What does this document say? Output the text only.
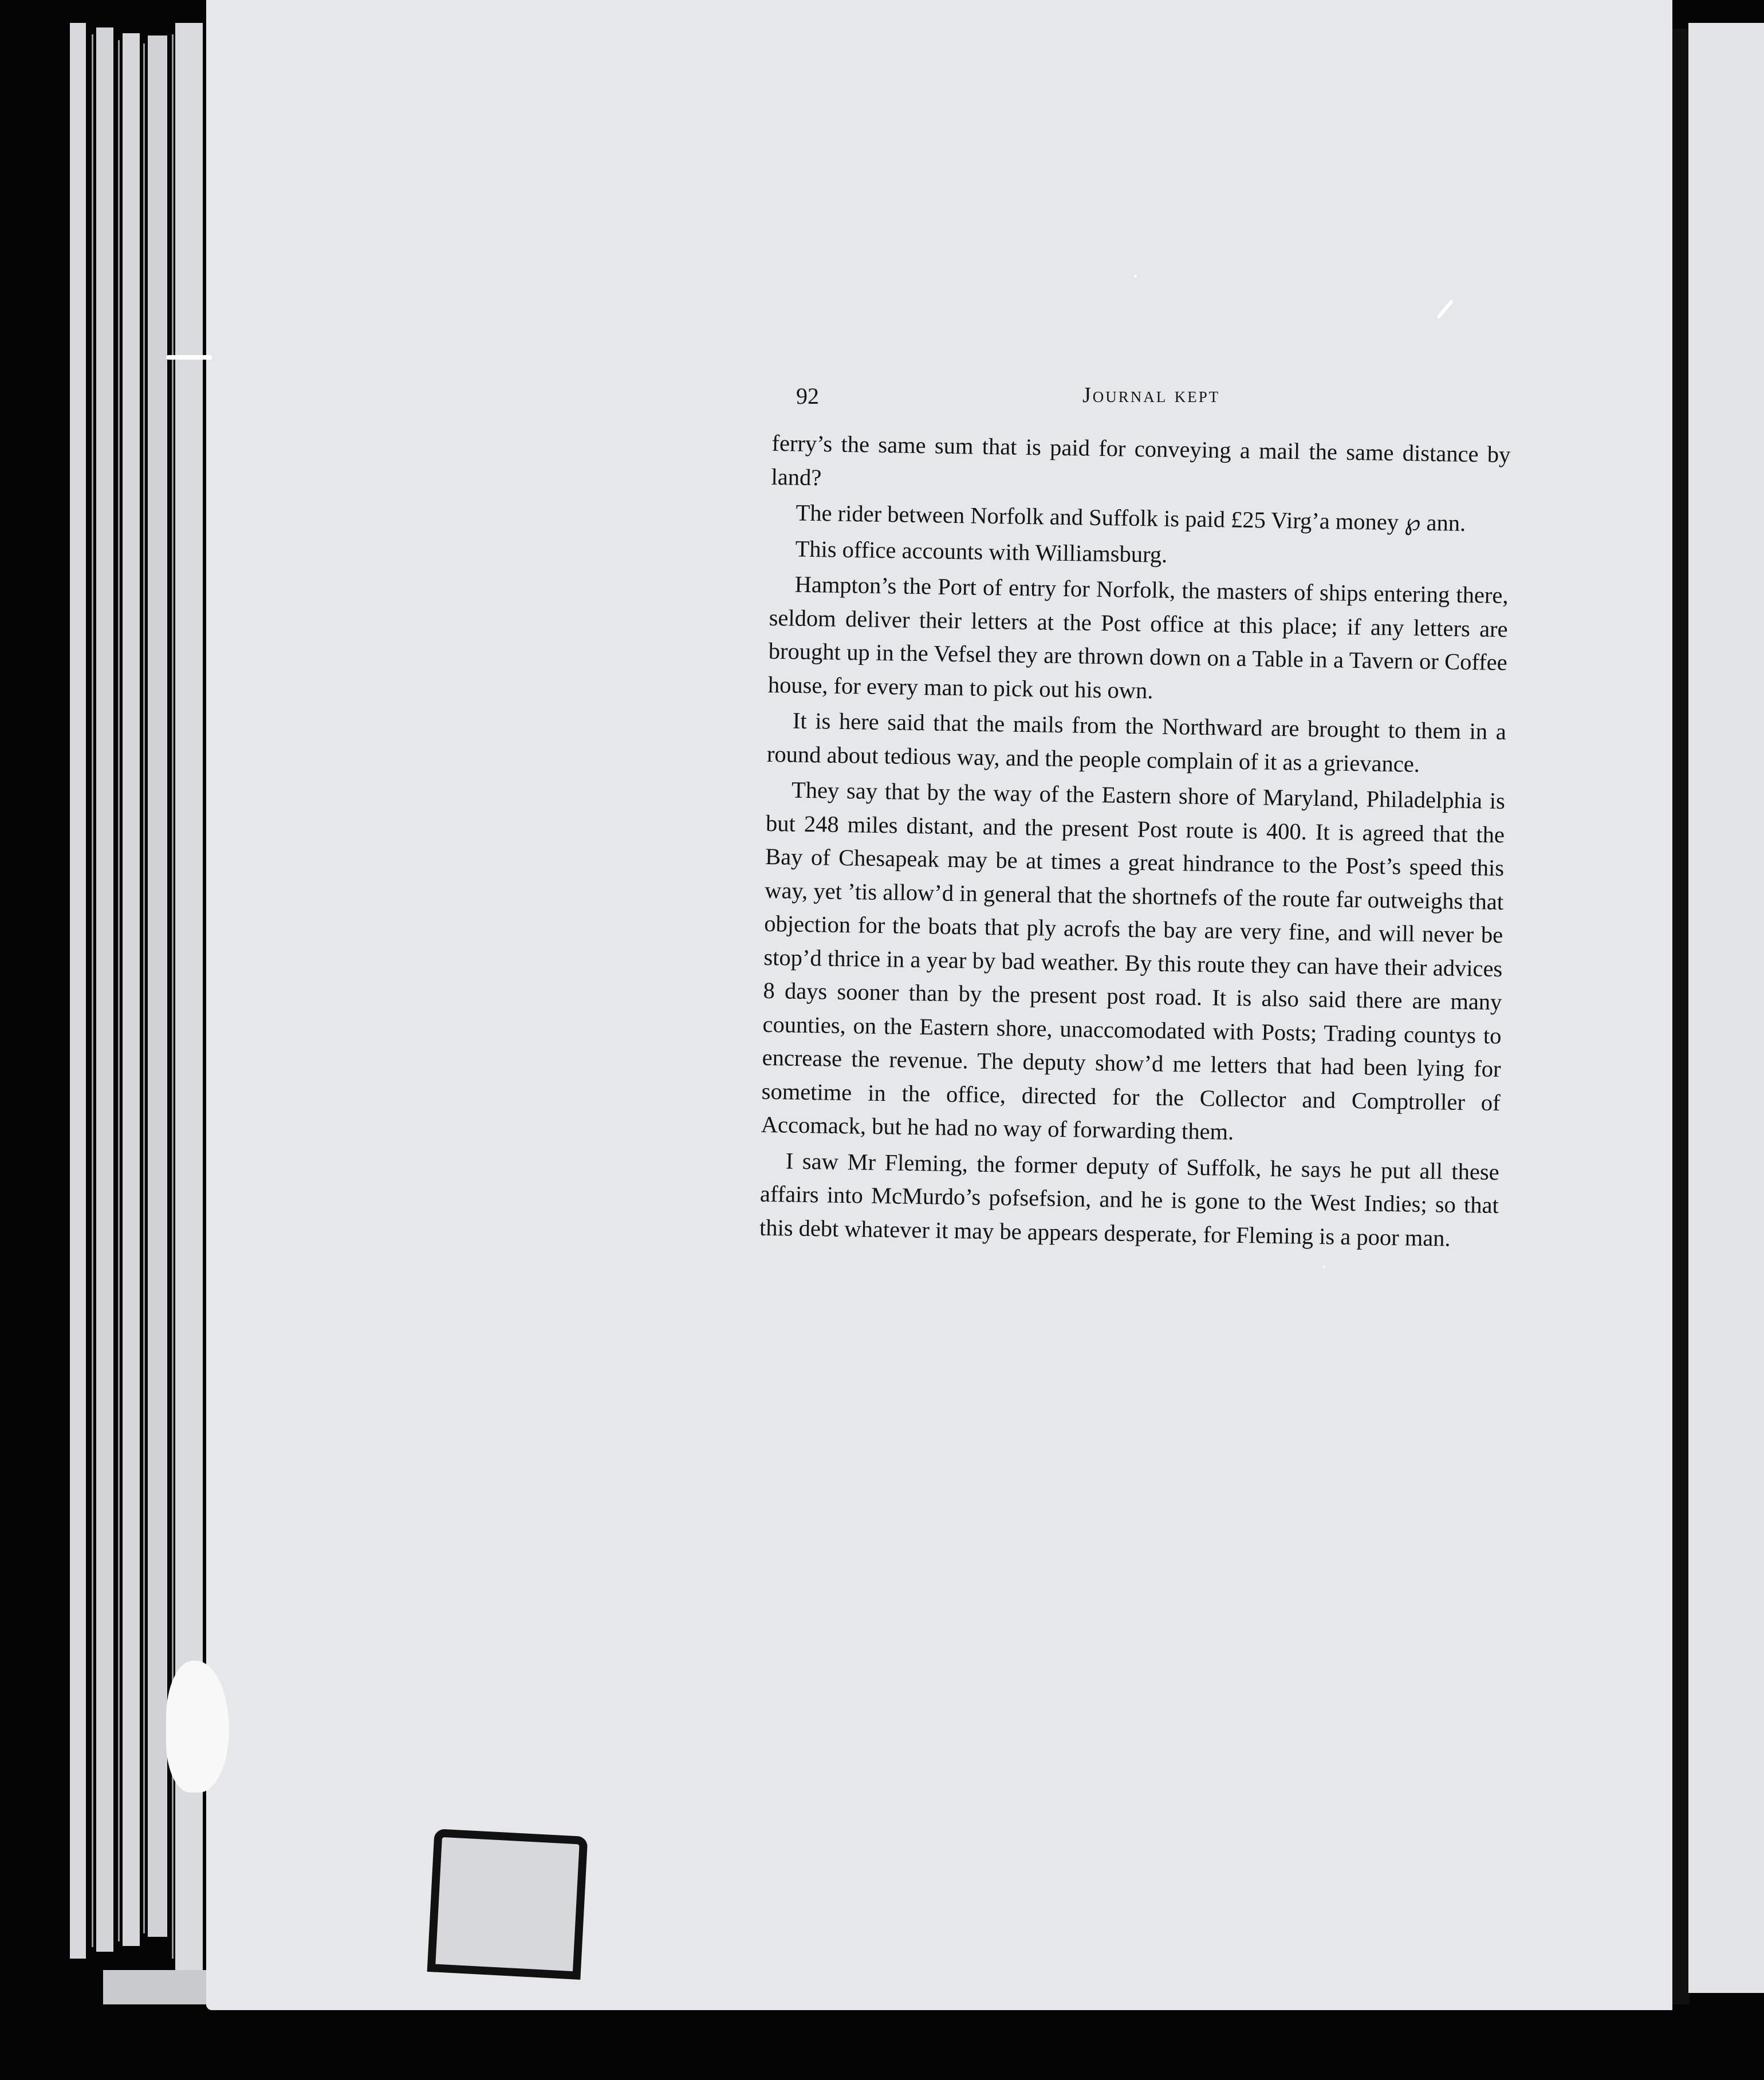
92	Journal kept

ferry’s the same sum that is paid for conveying a mail the same distance by land?

The rider between Norfolk and Suffolk is paid £25 Virg’a money ℘ ann.

This office accounts with Williamsburg.

Hampton’s the Port of entry for Norfolk, the masters of ships entering there, seldom deliver their letters at the Post office at this place; if any letters are brought up in the Vefsel they are thrown down on a Table in a Tavern or Coffee house, for every man to pick out his own.

It is here said that the mails from the Northward are brought to them in a round about tedious way, and the people complain of it as a grievance.

They say that by the way of the Eastern shore of Maryland, Philadelphia is but 248 miles distant, and the present Post route is 400. It is agreed that the Bay of Chesapeak may be at times a great hindrance to the Post’s speed this way, yet ’tis allow’d in general that the shortnefs of the route far outweighs that objection for the boats that ply acrofs the bay are very fine, and will never be stop’d thrice in a year by bad weather. By this route they can have their advices 8 days sooner than by the present post road. It is also said there are many counties, on the Eastern shore, unaccomodated with Posts; Trading countys to encrease the revenue. The deputy show’d me letters that had been lying for sometime in the office, directed for the Collector and Comptroller of Accomack, but he had no way of forwarding them.

I saw Mr Fleming, the former deputy of Suffolk, he says he put all these affairs into McMurdo’s pofsefsion, and he is gone to the West Indies; so that this debt whatever it may be appears desperate, for Fleming is a poor man.
